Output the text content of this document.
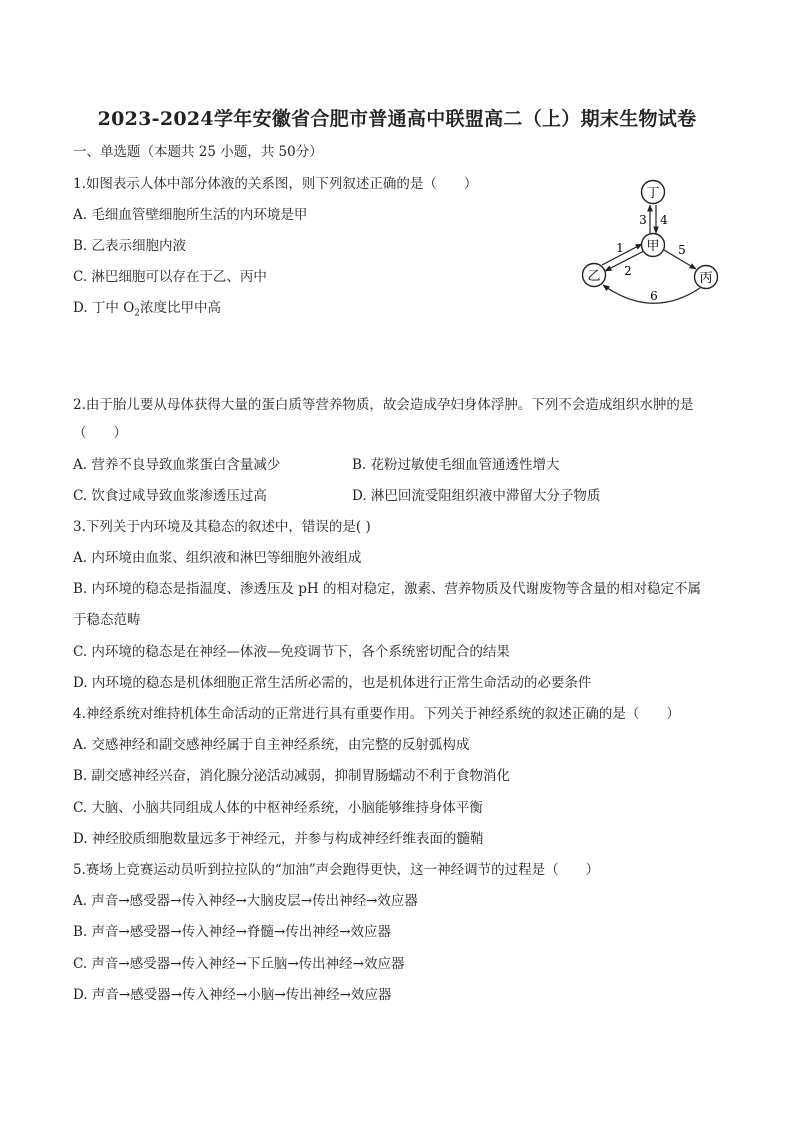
2023-2024学年安徽省合肥市普通高中联盟高二（上）期末生物试卷
一、单选题（本题共 25 小题，共 50分）
1.如图表示人体中部分体液的关系图，则下列叙述正确的是（　　）
A. 毛细血管壁细胞所生活的内环境是甲
B. 乙表示细胞内液
C. 淋巴细胞可以存在于乙、丙中
D. 丁中 $O_2$浓度比甲中高
丁
甲
乙	丙
3 4
1
2
5
6
2.由于胎儿要从母体获得大量的蛋白质等营养物质，故会造成孕妇身体浮肿。下列不会造成组织水肿的是
（　　）
A. 营养不良导致血浆蛋白含量减少	B. 花粉过敏使毛细血管通透性增大
C. 饮食过咸导致血浆渗透压过高	D. 淋巴回流受阻组织液中滞留大分子物质
3.下列关于内环境及其稳态的叙述中，错误的是( )
A. 内环境由血浆、组织液和淋巴等细胞外液组成
B. 内环境的稳态是指温度、渗透压及 pH 的相对稳定，激素、营养物质及代谢废物等含量的相对稳定不属
于稳态范畴
C. 内环境的稳态是在神经—体液—免疫调节下，各个系统密切配合的结果
D. 内环境的稳态是机体细胞正常生活所必需的，也是机体进行正常生命活动的必要条件
4.神经系统对维持机体生命活动的正常进行具有重要作用。下列关于神经系统的叙述正确的是（　　）
A. 交感神经和副交感神经属于自主神经系统，由完整的反射弧构成
B. 副交感神经兴奋，消化腺分泌活动减弱，抑制胃肠蠕动不利于食物消化
C. 大脑、小脑共同组成人体的中枢神经系统，小脑能够维持身体平衡
D. 神经胶质细胞数量远多于神经元，并参与构成神经纤维表面的髓鞘
5.赛场上竞赛运动员听到拉拉队的“加油”声会跑得更快，这一神经调节的过程是（　　）
A. 声音→感受器→传入神经→大脑皮层→传出神经→效应器
B. 声音→感受器→传入神经→脊髓→传出神经→效应器
C. 声音→感受器→传入神经→下丘脑→传出神经→效应器
D. 声音→感受器→传入神经→小脑→传出神经→效应器
